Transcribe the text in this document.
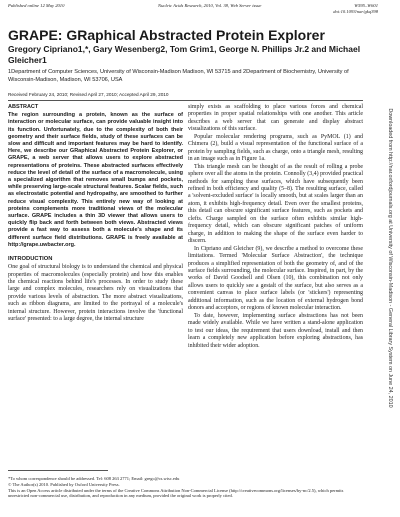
Published online 12 May 2010	Nucleic Acids Research, 2010, Vol. 38, Web Server issue	W595–W601
doi:10.1093/nar/gkq398
GRAPE: GRaphical Abstracted Protein Explorer
Gregory Cipriano1,*, Gary Wesenberg2, Tom Grim1, George N. Phillips Jr.2 and Michael Gleicher1
1Department of Computer Sciences, University of Wisconsin-Madison Madison, WI 53715 and 2Department of Biochemistry, University of Wisconsin-Madison, Madison, WI 53706, USA
Received February 24, 2010; Revised April 27, 2010; Accepted April 29, 2010

ABSTRACT
The region surrounding a protein, known as the surface of interaction or molecular surface, can provide valuable insight into its function. Unfortunately, due to the complexity of both their geometry and their surface fields, study of these surfaces can be slow and difficult and important features may be hard to identify. Here, we describe our GRaphical Abstracted Protein Explorer, or GRAPE, a web server that allows users to explore abstracted representations of proteins. These abstracted surfaces effectively reduce the level of detail of the surface of a macromolecule, using a specialized algorithm that removes small bumps and pockets, while preserving large-scale structural features. Scalar fields, such as electrostatic potential and hydropathy, are smoothed to further reduce visual complexity. This entirely new way of looking at proteins complements more traditional views of the molecular surface. GRAPE includes a thin 3D viewer that allows users to quickly flip back and forth between both views. Abstracted views provide a fast way to assess both a molecule's shape and its different surface field distributions. GRAPE is freely available at http://grape.uwbacter.org.

INTRODUCTION

One goal of structural biology is to understand the chemical and physical properties of macromolecules (especially protein) and how this enables the chemical reactions behind life's processes. In order to study these large and complex molecules, researchers rely on visualizations that provide various levels of abstraction. The more abstract visualizations, such as ribbon diagrams, are limited to the portrayal of a molecule's internal structure. However, protein interactions involve the 'functional surface' presented: to a large degree, the internal structure

simply exists as scaffolding to place various forces and chemical properties in proper spatial relationships with one another. This article describes a web server that can generate and display abstract visualizations of this surface.

Popular molecular rendering programs, such as PyMOL (1) and Chimera (2), build a visual representation of the functional surface of a protein by sampling fields, such as charge, onto a triangle mesh, resulting in an image such as in Figure 1a.

This triangle mesh can be thought of as the result of rolling a probe sphere over all the atoms in the protein. Connolly (3,4) provided practical methods for sampling these surfaces, which have subsequently been refined in both efficiency and quality (5–8). The resulting surface, called a 'solvent-excluded surface' is locally smooth, but at scales larger than an atom, it exhibits high-frequency detail. Even over the smallest proteins, this detail can obscure significant surface features, such as pockets and clefts. Charge sampled on the surface often exhibits similar high-frequency detail, which can obscure significant patches of uniform charge, in addition to making the shape of the surface even harder to discern.

In Cipriano and Gleicher (9), we describe a method to overcome these limitations. Termed 'Molecular Surface Abstraction', the technique produces a simplified representation of both the geometry of, and of the surface fields surrounding, the molecular surface. Inspired, in part, by the works of David Goodsell and Olsen (10), this combination not only allows users to quickly see a gestalt of the surface, but also serves as a convenient canvas to place surface labels (or 'stickers') representing additional information, such as the location of external hydrogen bond donors and acceptors, or regions of known molecular interaction.

To date, however, implementing surface abstractions has not been made widely available. While we have written a stand-alone application to test our ideas, the requirement that users download, install and then learn a completely new application before exploring abstractions, has inhibited their wider adoption.

*To whom correspondence should be addressed. Tel: 608 263 2771; Email: gregc@cs.wisc.edu
© The Author(s) 2010. Published by Oxford University Press.
This is an Open Access article distributed under the terms of the Creative Commons Attribution Non-Commercial License (http://creativecommons.org/licenses/by-nc/2.5), which permits unrestricted non-commercial use, distribution, and reproduction in any medium, provided the original work is properly cited.
Downloaded from http://nar.oxfordjournals.org at University of Wisconsin-Madison - General Library System on June 24, 2010
